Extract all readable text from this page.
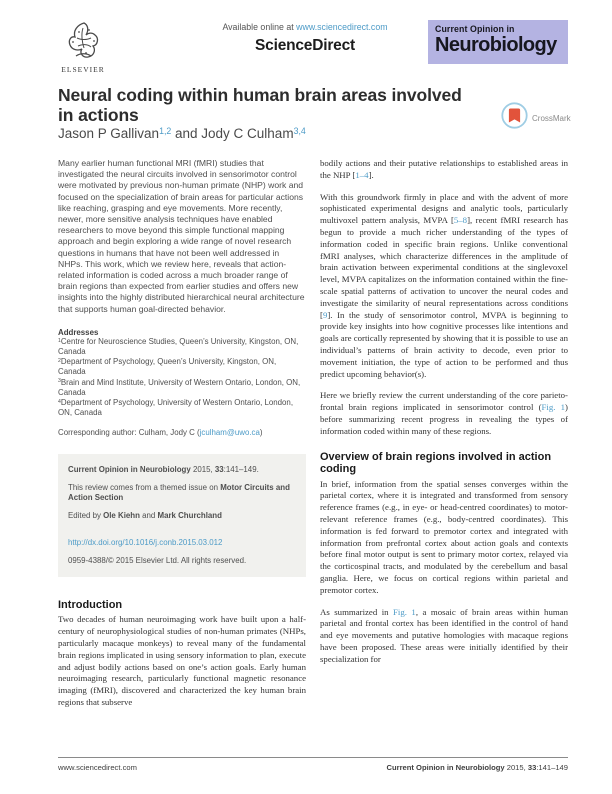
ELSEVIER
Available online at www.sciencedirect.com
ScienceDirect
Current Opinion in
Neurobiology
Neural coding within human brain areas involved
in actions
Jason P Gallivan$^{1,2}$ and Jody C Culham$^{3,4}$
CrossMark

Many earlier human functional MRI (fMRI) studies that investigated the neural circuits involved in sensorimotor control were motivated by previous non-human primate (NHP) work and focused on the specialization of brain areas for particular actions like reaching, grasping and eye movements. More recently, newer, more sensitive analysis techniques have enabled researchers to move beyond this simple functional mapping approach and begin exploring a wide range of novel research questions in humans that have not been well addressed in NHPs. This work, which we review here, reveals that action-related information is coded across a much broader range of brain regions than expected from earlier studies and offers new insights into the highly distributed hierarchical neural architecture that supports human goal-directed behavior.

Addresses
$^1$Centre for Neuroscience Studies, Queen’s University, Kingston, ON, Canada
$^2$Department of Psychology, Queen’s University, Kingston, ON, Canada
$^3$Brain and Mind Institute, University of Western Ontario, London, ON, Canada
$^4$Department of Psychology, University of Western Ontario, London, ON, Canada
Corresponding author: Culham, Jody C (jculham@uwo.ca)
Current Opinion in Neurobiology 2015, 33:141–149.
This review comes from a themed issue on Motor Circuits and Action Section
Edited by Ole Kiehn and Mark Churchland
http://dx.doi.org/10.1016/j.conb.2015.03.012
0959-4388/© 2015 Elsevier Ltd. All rights reserved.
Introduction

Two decades of human neuroimaging work have built upon a half-century of neurophysiological studies of non-human primates (NHPs, particularly macaque monkeys) to reveal many of the fundamental brain regions implicated in using sensory information to plan, execute and adjust bodily actions based on one’s action goals. Early human neuroimaging research, particularly functional magnetic resonance imaging (fMRI), discovered and characterized the key human brain regions that subserve

bodily actions and their putative relationships to established areas in the NHP [1–4].

With this groundwork firmly in place and with the advent of more sophisticated experimental designs and analytic tools, particularly multivoxel pattern analysis, MVPA [5–8], recent fMRI research has begun to provide a much richer understanding of the types of information coded in specific brain regions. Unlike conventional fMRI analyses, which characterize differences in the amplitude of brain activation between experimental conditions at the singlevoxel level, MVPA capitalizes on the information contained within the fine-scale spatial patterns of activation to uncover the neural codes and investigate the similarity of neural representations across conditions [9]. In the study of sensorimotor control, MVPA is beginning to provide key insights into how cognitive processes like intentions and goals are cortically represented by showing that it is possible to use an individual’s patterns of brain activity to decode, even prior to movement initiation, the type of action to be performed and thus predict upcoming behavior(s).

Here we briefly review the current understanding of the core parieto-frontal brain regions implicated in sensorimotor control (Fig. 1) before summarizing recent progress in revealing the types of information coded within many of these regions.

Overview of brain regions involved in action coding

In brief, information from the spatial senses converges within the parietal cortex, where it is integrated and transformed from sensory reference frames (e.g., in eye- or head-centred coordinates) to motor-relevant reference frames (e.g., body-centred coordinates). This information is fed forward to premotor cortex and integrated with information from prefrontal cortex about action goals and contexts before final motor output is sent to primary motor cortex, relayed via the corticospinal tracts, and modulated by the cerebellum and basal ganglia. Here, we focus on cortical regions within parietal and premotor cortex.

As summarized in Fig. 1, a mosaic of brain areas within human parietal and frontal cortex has been identified in the control of hand and eye movements and putative homologies with macaque regions have been proposed. These areas were initially identified by their specialization for

www.sciencedirect.com	Current Opinion in Neurobiology 2015, 33:141–149
